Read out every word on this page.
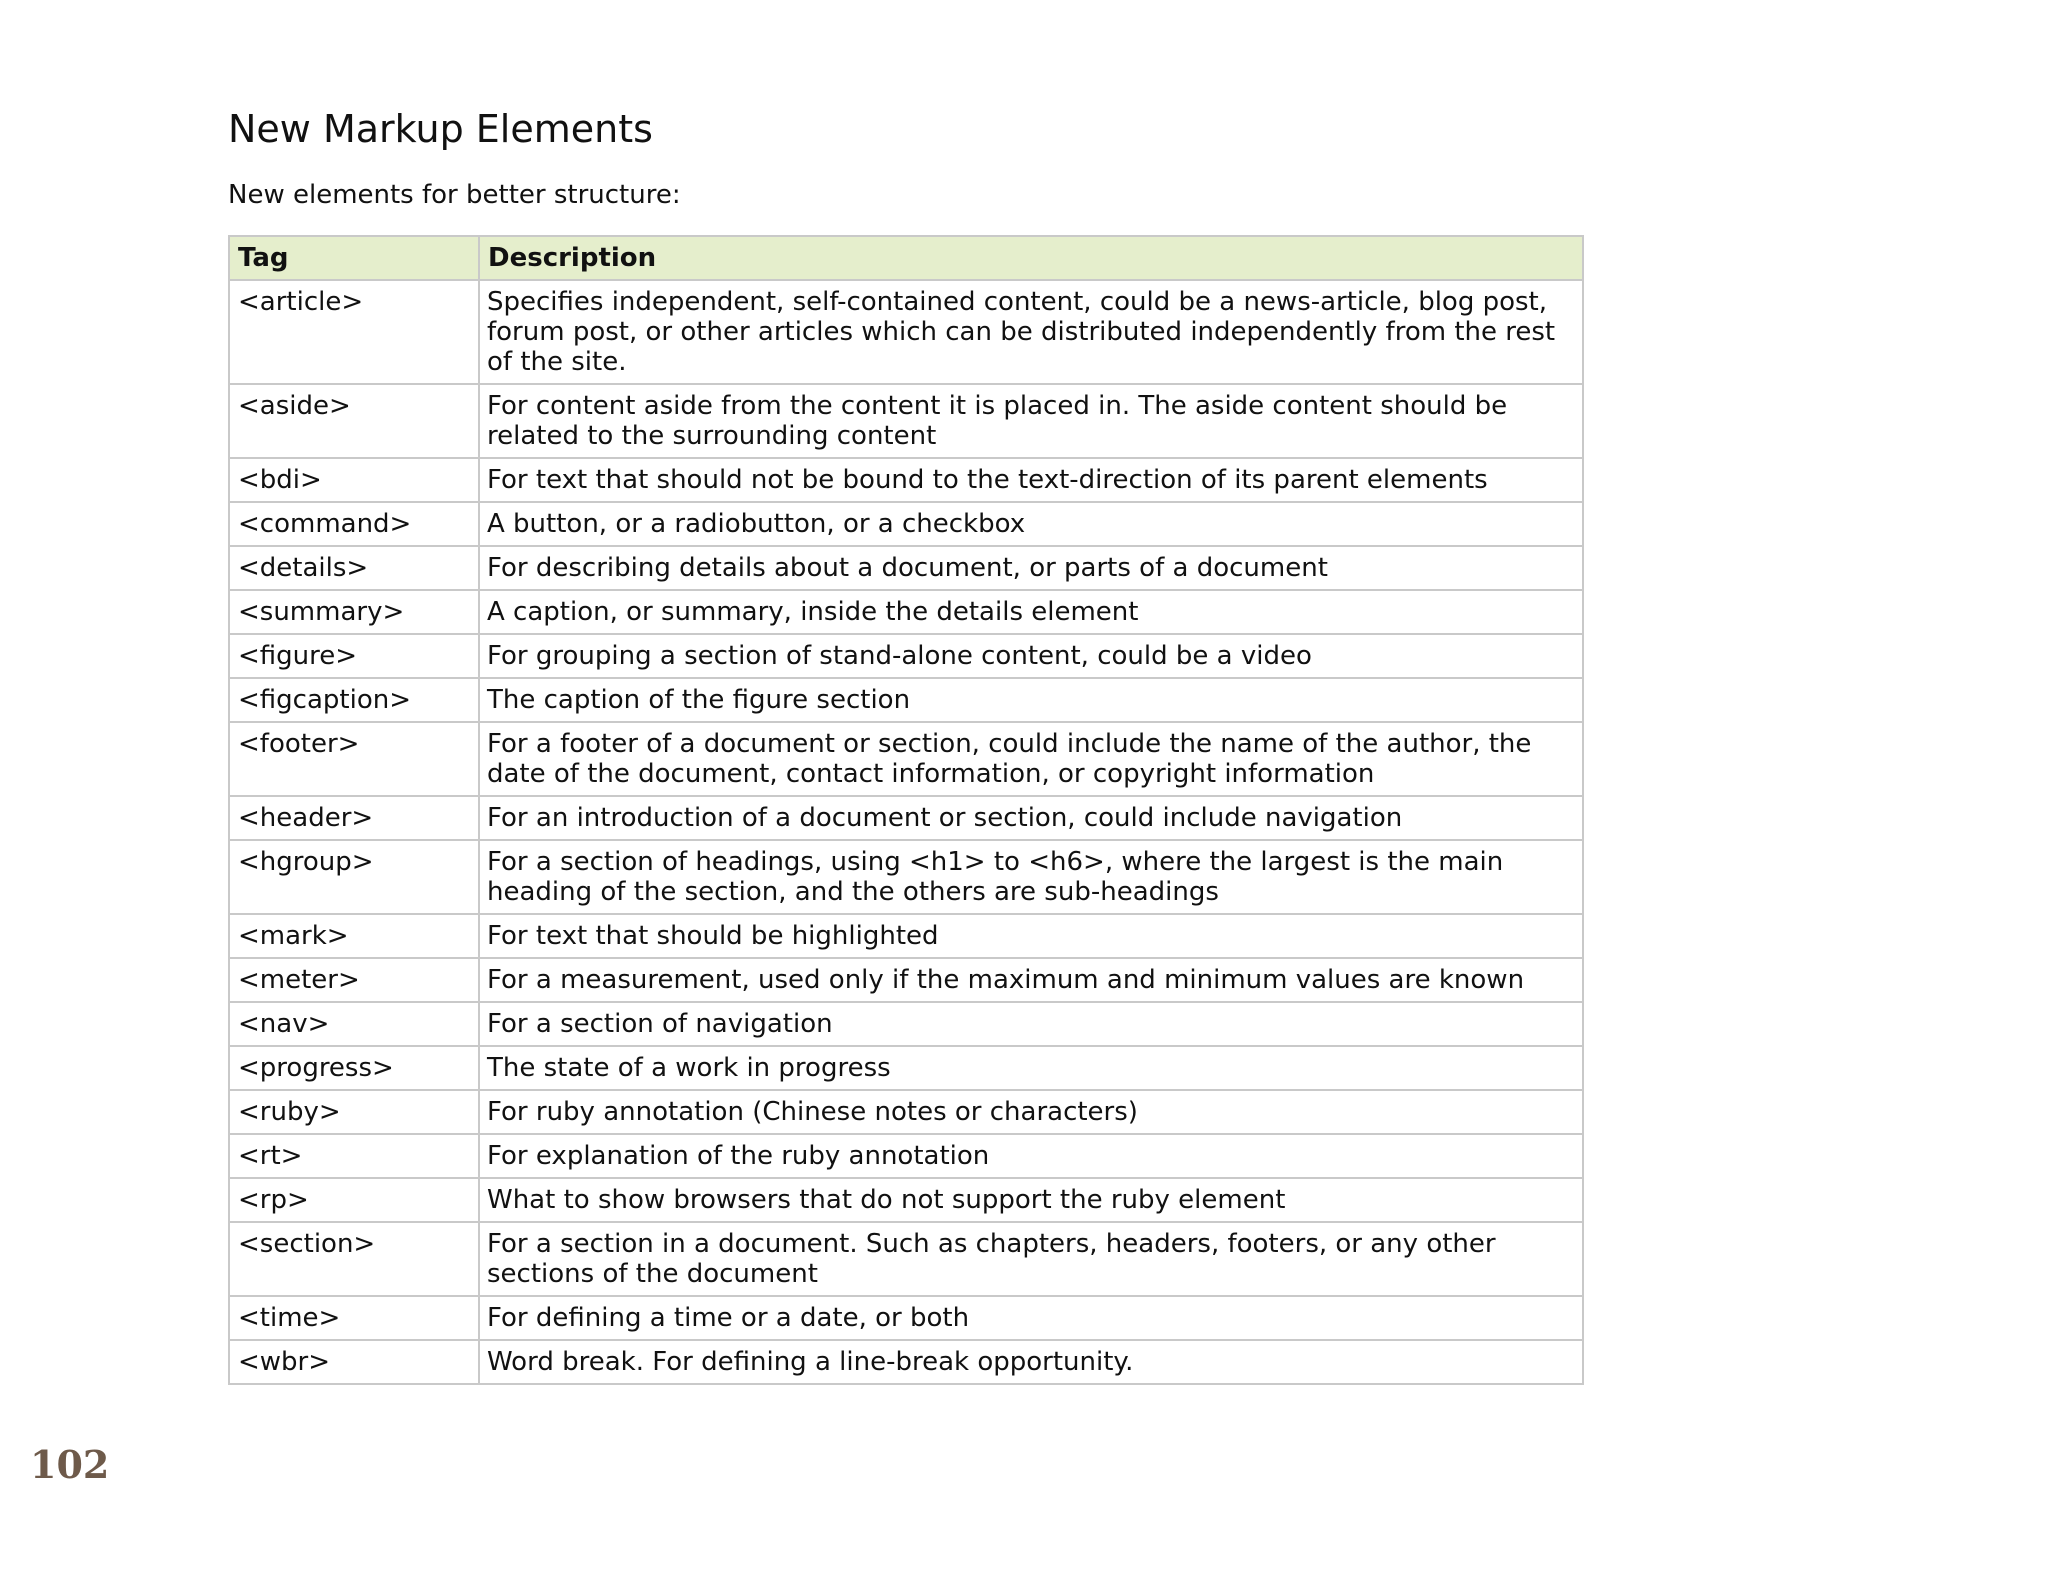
New Markup Elements

New elements for better structure:

Tag	Description
<article>	Specifies independent, self-contained content, could be a news-article, blog post, forum post, or other articles which can be distributed independently from the rest of the site.
<aside>	For content aside from the content it is placed in. The aside content should be related to the surrounding content
<bdi>	For text that should not be bound to the text-direction of its parent elements
<command>	A button, or a radiobutton, or a checkbox
<details>	For describing details about a document, or parts of a document
<summary>	A caption, or summary, inside the details element
<figure>	For grouping a section of stand-alone content, could be a video
<figcaption>	The caption of the figure section
<footer>	For a footer of a document or section, could include the name of the author, the date of the document, contact information, or copyright information
<header>	For an introduction of a document or section, could include navigation
<hgroup>	For a section of headings, using <h1> to <h6>, where the largest is the main heading of the section, and the others are sub-headings
<mark>	For text that should be highlighted
<meter>	For a measurement, used only if the maximum and minimum values are known
<nav>	For a section of navigation
<progress>	The state of a work in progress
<ruby>	For ruby annotation (Chinese notes or characters)
<rt>	For explanation of the ruby annotation
<rp>	What to show browsers that do not support the ruby element
<section>	For a section in a document. Such as chapters, headers, footers, or any other sections of the document
<time>	For defining a time or a date, or both
<wbr>	Word break. For defining a line-break opportunity.
102
